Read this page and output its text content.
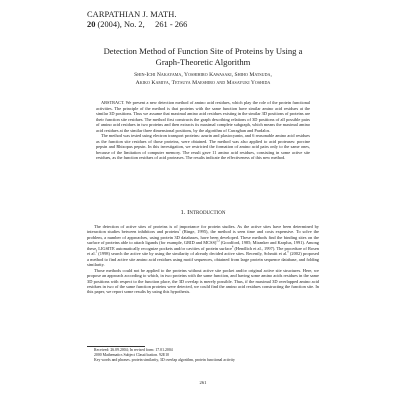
CARPATHIAN J. MATH.
20 (2004), No. 2,     261 - 266
Detection Method of Function Site of Proteins by Using a
Graph-Theoretic Algorithm
Shin-Ichi Nakayama, Yoshihiro Kawasaki, Shiho Matsuda,
Akiko Kamiya, Tetsuya Maeshiro and Masayuki Yoshida

ABSTRACT. We present a new detection method of amino acid residues, which play the role of the protein functional activities. The principle of the method is that proteins with the same function have similar amino acid residues at the similar 3D positions. Thus we assume that maximal amino acid residues existing in the similar 3D positions of proteins are their function site residues. The method first constructs the graph describing relations of 3D positions of all possible pairs of amino acid residues in two proteins and then extracts its maximal complete subgraph, which means the maximal amino acid residues at the similar three dimensional positions, by the algorithm of Carraghan and Pardalos.

The method was tested using electron transport proteins: azurin and plastocyanin, and 6 reasonable amino acid residues as the function site residues of those proteins, were obtained. The method was also applied to acid proteases: porcine pepsin and Rhizopus pepsin. In this investigation, we restricted the formation of amino acid pairs only to the same ones, because of the limitation of computer memory. The result gave 11 amino acid residues, consisting in some active site residues, as the function residues of acid proteases. The results indicate the effectiveness of this new method.

1. Introduction

The detection of active sites of proteins is of importance for protein studies. As the active sites have been determined by interaction studies between inhibitors and proteins$^1$ (Ringe, 1995), the method is seen time and costs expensive. To solve the problem, a number of approaches, using protein 3D databases, have been developed. These methods find the binding sites on the surface of proteins able to attach ligands (for example, GRID and MCSS)$^{2,3}$ (Goodford, 1985; Miranker and Karplus, 1991). Among these, LIGSITE automatically recognize pockets and/or cavities of protein surface$^4$ (Hendlich et al., 1997). The procedure of Rosen et al.$^5$ (1998) search the active site by using the similarity of already decided active sites. Recently, Schmitt et al.$^6$ (2002) proposed a method to find active site amino acid residues using motif sequences, obtained from large protein sequence database, and folding similarity.

Those methods could not be applied to the proteins without active site pocket and/or original active site structures. Here, we propose an approach according to which, in two proteins with the same function, and having some amino acids residues in the same 3D positions with respect to the function place, the 3D overlap is merely possible. Thus, if the maximal 3D overlapped amino acid residues in two of the same function proteins were detected, we could find the amino acid residues constructing the function site. In this paper, we report some results by using this hypothesis.

Received: 26.09.2004; In revised form: 17.01.2004
2000 Mathematics Subject Classification. 92E10
Key words and phrases. protein similarity, 3D overlap algorithm, protein functional activity
261
